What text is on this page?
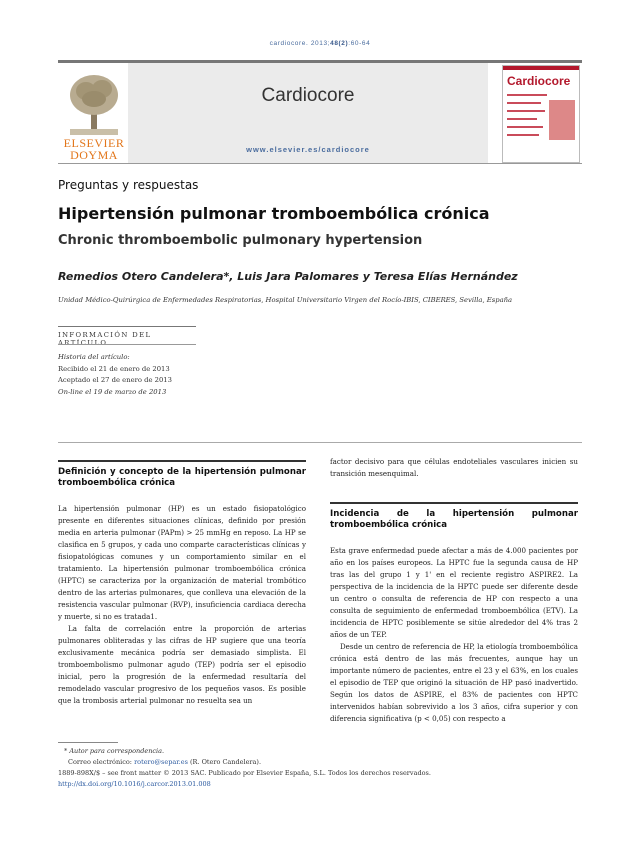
cardiocore. 2013;48(2):60-64
ELSEVIER
DOYMA
Cardiocore
www.elsevier.es/cardiocore
Cardiocore
Preguntas y respuestas
Hipertensión pulmonar tromboembólica crónica
Chronic thromboembolic pulmonary hypertension
Remedios Otero Candelera*, Luis Jara Palomares y Teresa Elías Hernández
Unidad Médico-Quirúrgica de Enfermedades Respiratorias, Hospital Universitario Virgen del Rocío-IBIS, CIBERES, Sevilla, España
INFORMACIÓN DEL ARTÍCULO
Historia del artículo:
Recibido el 21 de enero de 2013
Aceptado el 27 de enero de 2013
On-line el 19 de marzo de 2013
Definición y concepto de la hipertensión pulmonar tromboembólica crónica

La hipertensión pulmonar (HP) es un estado fisiopatológico presente en diferentes situaciones clínicas, definido por presión media en arteria pulmonar (PAPm) > 25 mmHg en reposo. La HP se clasifica en 5 grupos, y cada uno comparte características clínicas y fisiopatológicas comunes y un comportamiento similar en el tratamiento. La hipertensión pulmonar tromboembólica crónica (HPTC) se caracteriza por la organización de material trombótico dentro de las arterias pulmonares, que conlleva una elevación de la resistencia vascular pulmonar (RVP), insuficiencia cardiaca derecha y muerte, si no es tratada1.

La falta de correlación entre la proporción de arterias pulmonares obliteradas y las cifras de HP sugiere que una teoría exclusivamente mecánica podría ser demasiado simplista. El tromboembolismo pulmonar agudo (TEP) podría ser el episodio inicial, pero la progresión de la enfermedad resultaría del remodelado vascular progresivo de los pequeños vasos. Es posible que la trombosis arterial pulmonar no resuelta sea un

factor decisivo para que células endoteliales vasculares inicien su transición mesenquimal.

Incidencia de la hipertensión pulmonar tromboembólica crónica

Esta grave enfermedad puede afectar a más de 4.000 pacientes por año en los países europeos. La HPTC fue la segunda causa de HP tras las del grupo 1 y 1' en el reciente registro ASPIRE2. La perspectiva de la incidencia de la HPTC puede ser diferente desde un centro o consulta de referencia de HP con respecto a una consulta de seguimiento de enfermedad tromboembólica (ETV). La incidencia de HPTC posiblemente se sitúe alrededor del 4% tras 2 años de un TEP.

Desde un centro de referencia de HP, la etiología tromboembólica crónica está dentro de las más frecuentes, aunque hay un importante número de pacientes, entre el 23 y el 63%, en los cuales el episodio de TEP que originó la situación de HP pasó inadvertido. Según los datos de ASPIRE, el 83% de pacientes con HPTC intervenidos habían sobrevivido a los 3 años, cifra superior y con diferencia significativa (p < 0,05) con respecto a

* Autor para correspondencia.
Correo electrónico: rotero@separ.es (R. Otero Candelera).
1889-898X/$ – see front matter © 2013 SAC. Publicado por Elsevier España, S.L. Todos los derechos reservados.
http://dx.doi.org/10.1016/j.carcor.2013.01.008
